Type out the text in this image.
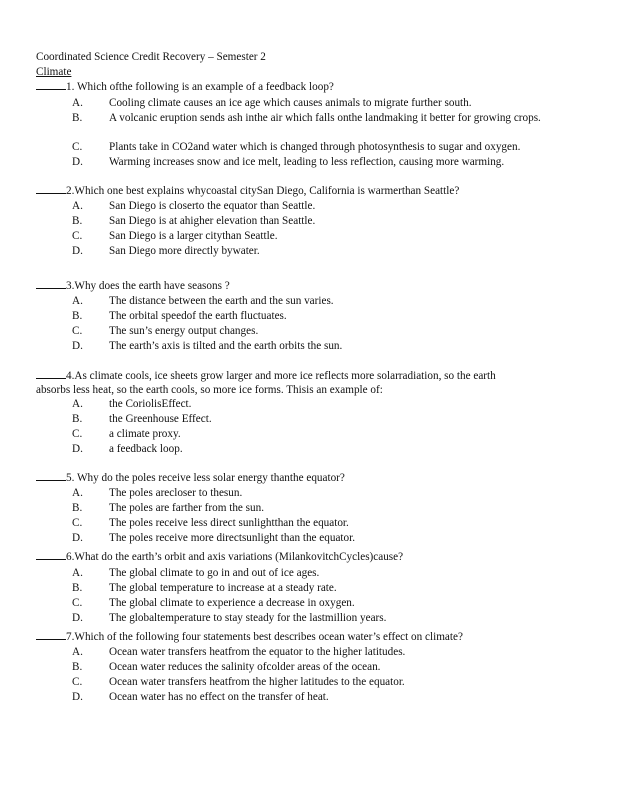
Coordinated Science Credit Recovery – Semester 2
Climate
1. Which ofthe following is an example of a feedback loop?
A. Cooling climate causes an ice age which causes animals to migrate further south.
B. A volcanic eruption sends ash inthe air which falls onthe landmaking it better for growing crops.
C. Plants take in CO2and water which is changed through photosynthesis to sugar and oxygen.
D. Warming increases snow and ice melt, leading to less reflection, causing more warming.
2.Which one best explains whycoastal citySan Diego, California is warmerthan Seattle?
A. San Diego is closerto the equator than Seattle.
B. San Diego is at ahigher elevation than Seattle.
C. San Diego is a larger citythan Seattle.
D. San Diego more directly bywater.
3.Why does the earth have seasons ?
A. The distance between the earth and the sun varies.
B. The orbital speedof the earth fluctuates.
C. The sun’s energy output changes.
D. The earth’s axis is tilted and the earth orbits the sun.
4.As climate cools, ice sheets grow larger and more ice reflects more solarradiation, so the earth
absorbs less heat, so the earth cools, so more ice forms. Thisis an example of:
A. the CoriolisEffect.
B. the Greenhouse Effect.
C. a climate proxy.
D. a feedback loop.
5. Why do the poles receive less solar energy thanthe equator?
A. The poles arecloser to thesun.
B. The poles are farther from the sun.
C. The poles receive less direct sunlightthan the equator.
D. The poles receive more directsunlight than the equator.
6.What do the earth’s orbit and axis variations (MilankovitchCycles)cause?
A. The global climate to go in and out of ice ages.
B. The global temperature to increase at a steady rate.
C. The global climate to experience a decrease in oxygen.
D. The globaltemperature to stay steady for the lastmillion years.
7.Which of the following four statements best describes ocean water’s effect on climate?
A. Ocean water transfers heatfrom the equator to the higher latitudes.
B. Ocean water reduces the salinity ofcolder areas of the ocean.
C. Ocean water transfers heatfrom the higher latitudes to the equator.
D. Ocean water has no effect on the transfer of heat.
